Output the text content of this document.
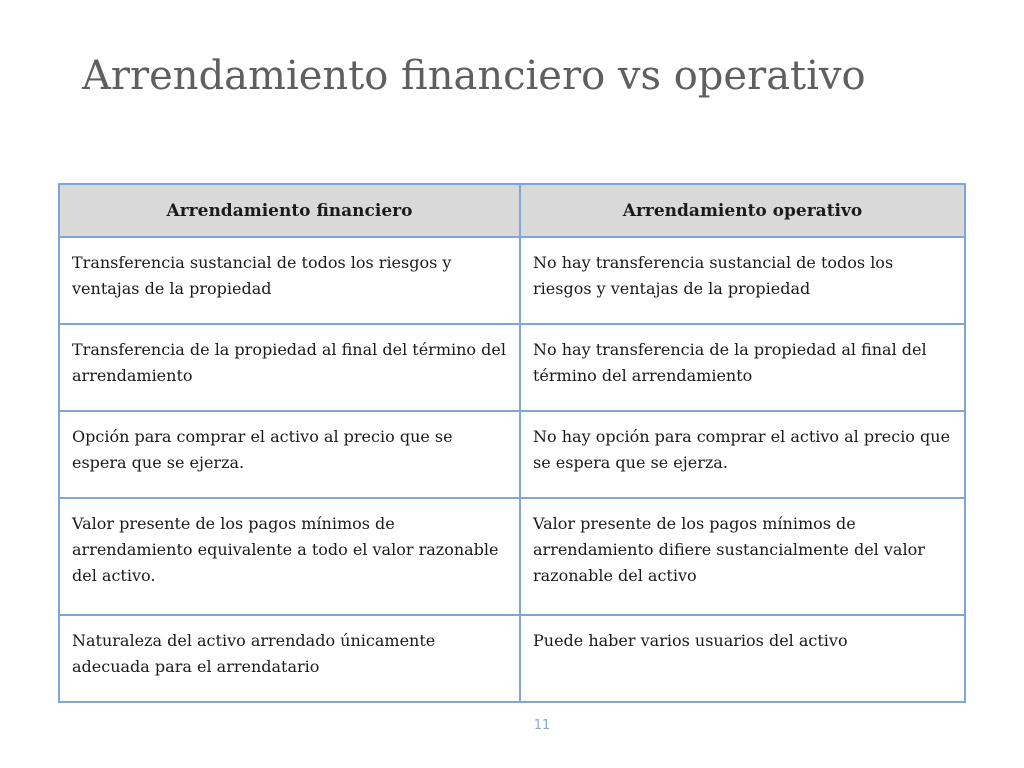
Arrendamiento financiero vs operativo
Arrendamiento financiero	Arrendamiento operativo
Transferencia sustancial de todos los riesgos y ventajas de la propiedad	No hay transferencia sustancial de todos los riesgos y ventajas de la propiedad
Transferencia de la propiedad al final del término del arrendamiento	No hay transferencia de la propiedad al final del término del arrendamiento
Opción para comprar el activo al precio que se espera que se ejerza.	No hay opción para comprar el activo al precio que se espera que se ejerza.
Valor presente de los pagos mínimos de arrendamiento equivalente a todo el valor razonable del activo.	Valor presente de los pagos mínimos de arrendamiento difiere sustancialmente del valor razonable del activo
Naturaleza del activo arrendado únicamente adecuada para el arrendatario	Puede haber varios usuarios del activo
11
